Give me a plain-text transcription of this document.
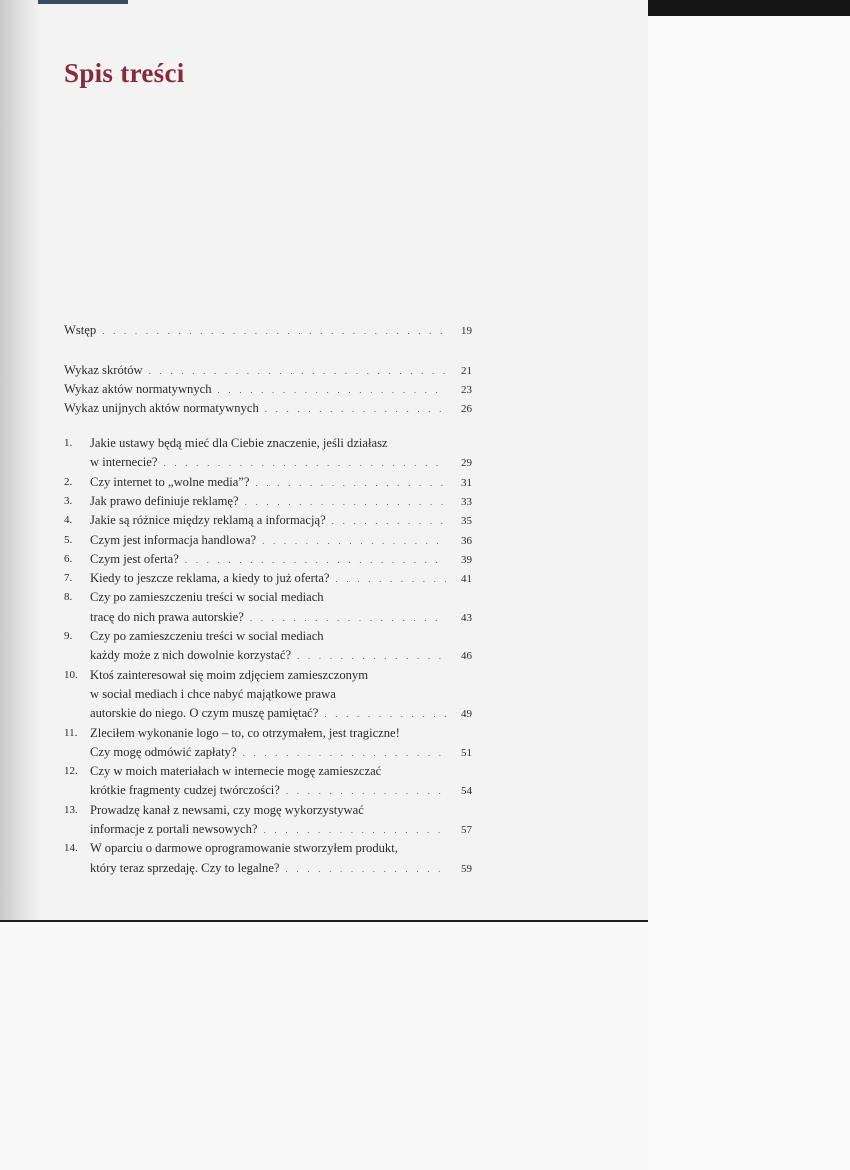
Spis treści
Wstęp . . .	19
Wykaz skrótów . . .	21
Wykaz aktów normatywnych . . .	23
Wykaz unijnych aktów normatywnych . . .	26
1.	Jakie ustawy będą mieć dla Ciebie znaczenie, jeśli działasz
w internecie? . . .	29
2.	Czy internet to „wolne media”? . . .	31
3.	Jak prawo definiuje reklamę? . . .	33
4.	Jakie są różnice między reklamą a informacją? . . .	35
5.	Czym jest informacja handlowa? . . .	36
6.	Czym jest oferta? . . .	39
7.	Kiedy to jeszcze reklama, a kiedy to już oferta? . . .	41
8.	Czy po zamieszczeniu treści w social mediach
tracę do nich prawa autorskie? . . .	43
9.	Czy po zamieszczeniu treści w social mediach
każdy może z nich dowolnie korzystać? . . .	46
10. Ktoś zainteresował się moim zdjęciem zamieszczonym
w social mediach i chce nabyć majątkowe prawa
autorskie do niego. O czym muszę pamiętać? . . .	49
11.	Zleciłem wykonanie logo – to, co otrzymałem, jest tragiczne!
Czy mogę odmówić zapłaty? . . .	51
12. Czy w moich materiałach w internecie mogę zamieszczać
krótkie fragmenty cudzej twórczości? . . .	54
13. Prowadzę kanał z newsami, czy mogę wykorzystywać
informacje z portali newsowych? . . .	57
14. W oparciu o darmowe oprogramowanie stworzyłem produkt,
który teraz sprzedaję. Czy to legalne? . . .	59
